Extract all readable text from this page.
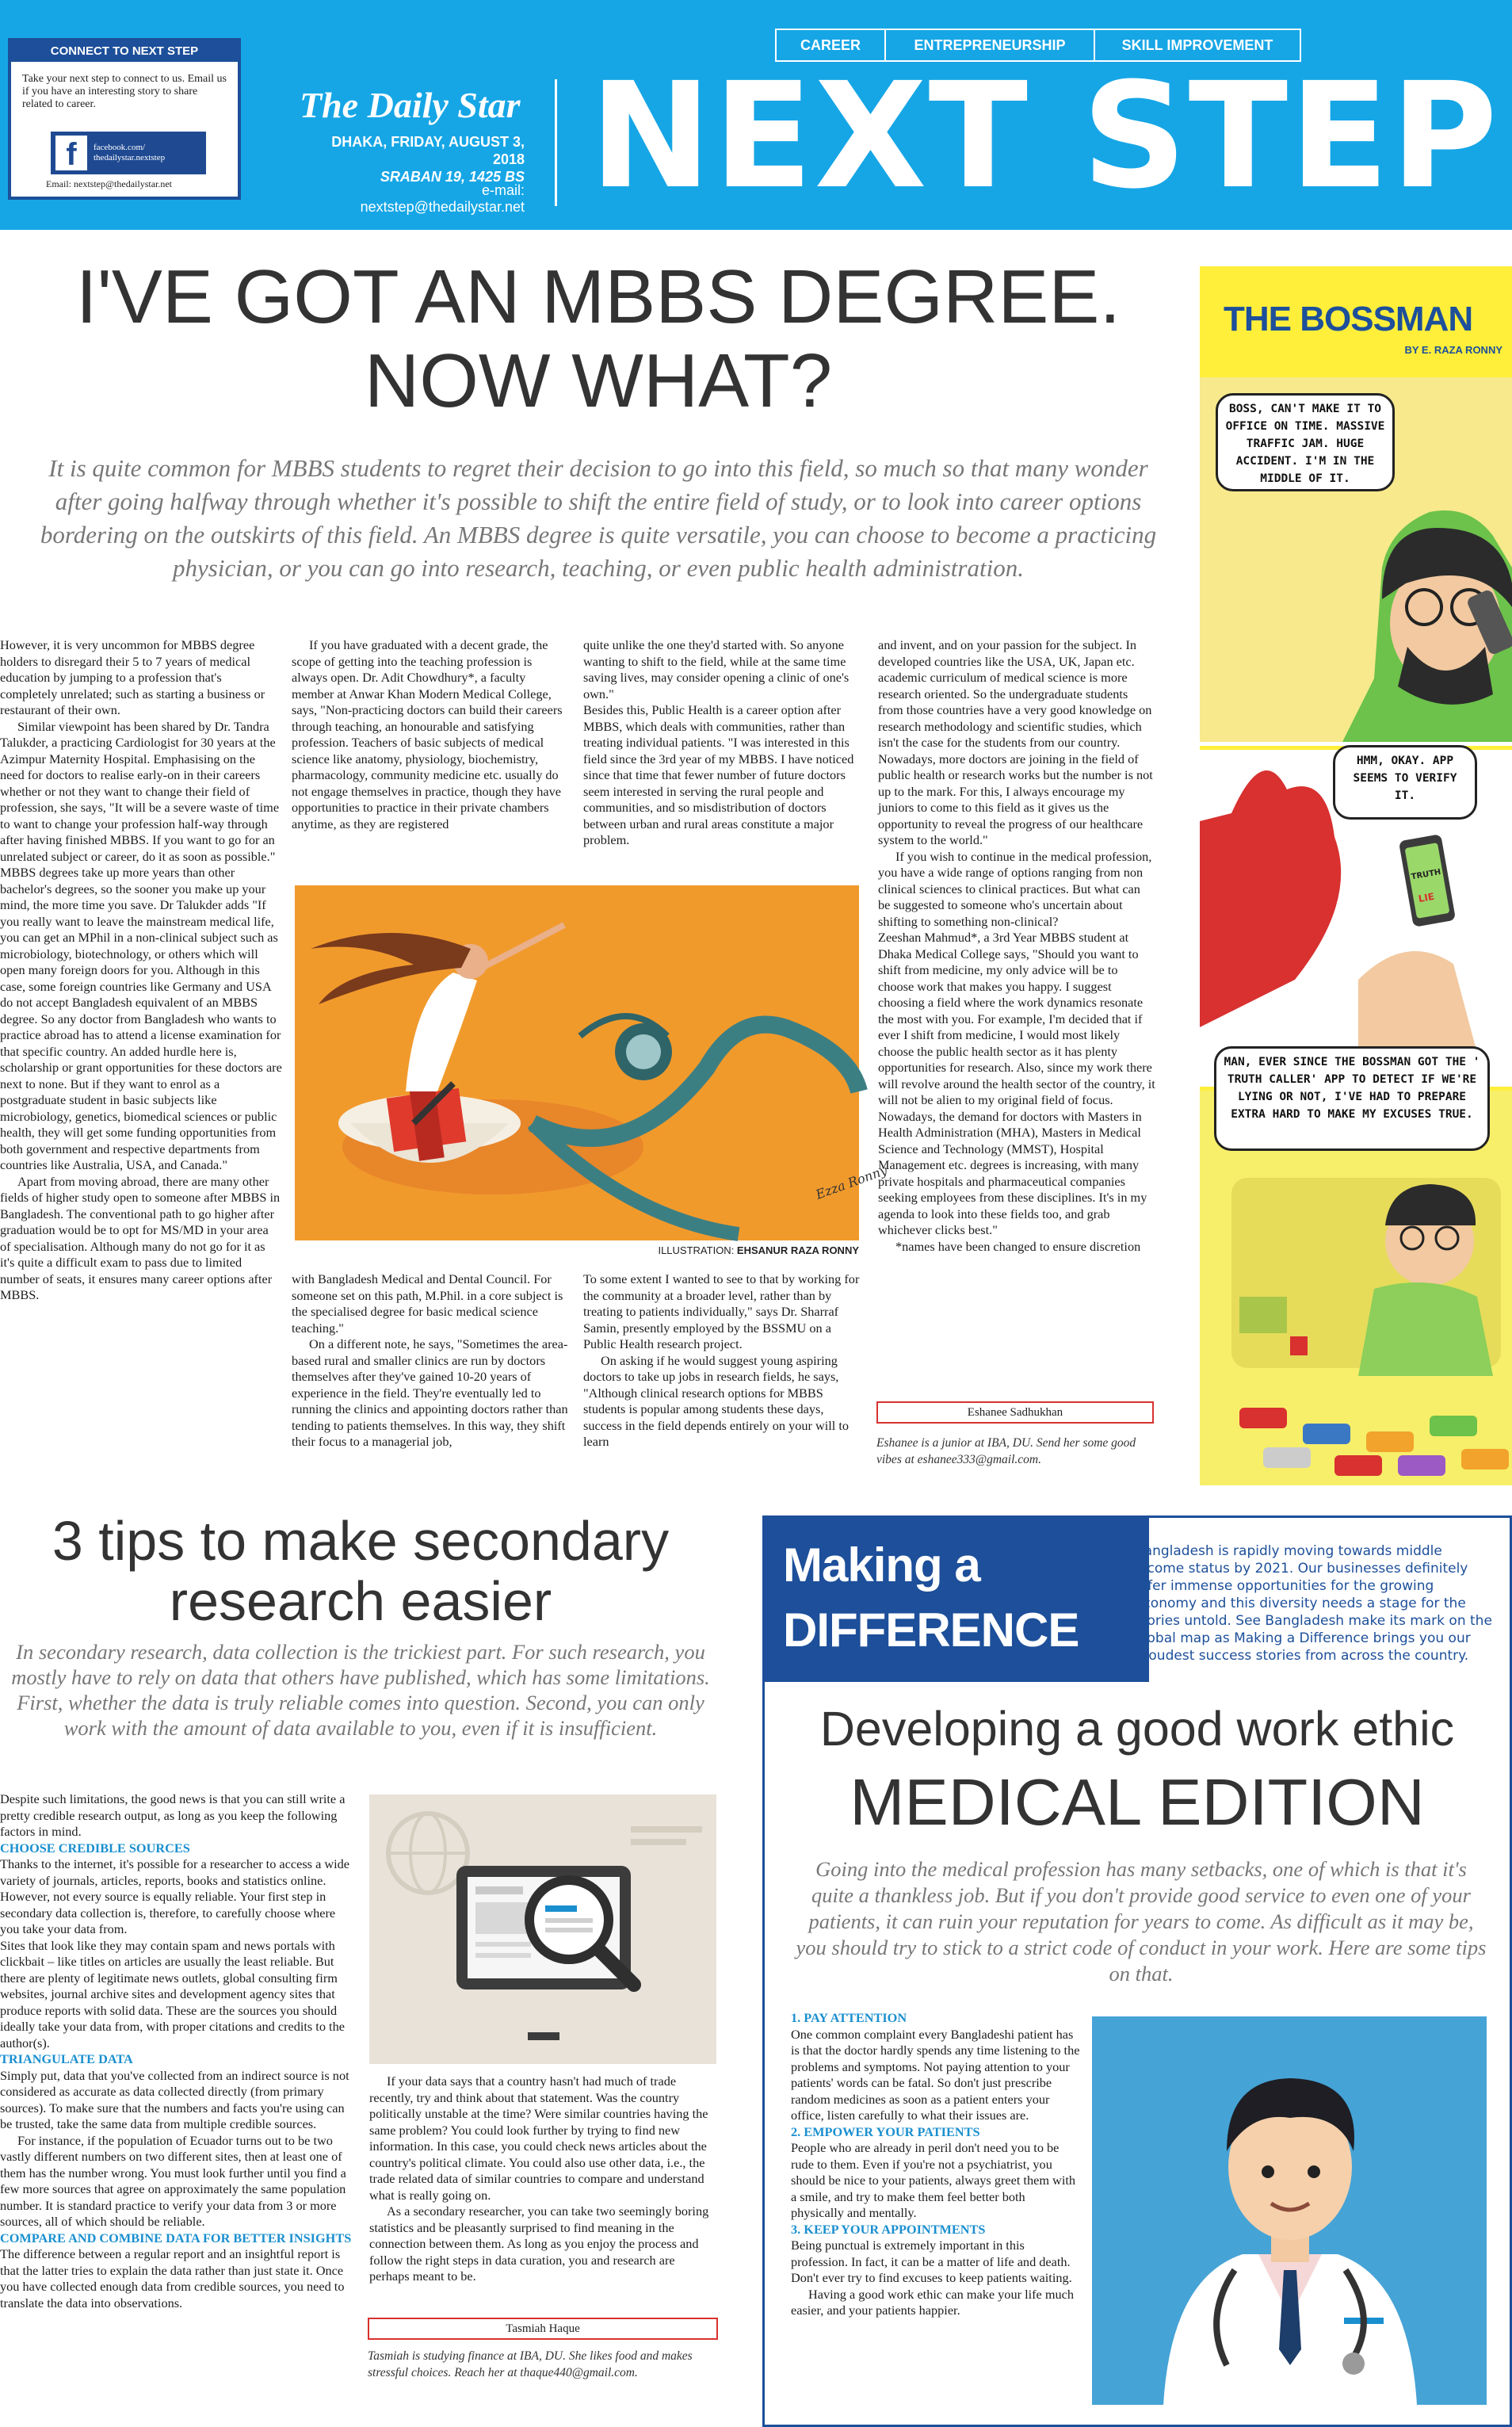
CONNECT TO NEXT STEP
Take your next step to connect to us. Email us if you have an interesting story to share related to career.
f	facebook.com/
thedailystar.nextstep
Email: nextstep@thedailystar.net
The Daily Star
DHAKA, FRIDAY, AUGUST 3, 2018
SRABAN 19, 1425 BS
e-mail: nextstep@thedailystar.net NEXT STEP
CAREER	ENTREPRENEURSHIP	SKILL IMPROVEMENT
I'VE GOT AN MBBS DEGREE.
NOW WHAT?
It is quite common for MBBS students to regret their decision to go into this field, so much so that many wonder after going halfway through whether it's possible to shift the entire field of study, or to look into career options bordering on the outskirts of this field. An MBBS degree is quite versatile, you can choose to become a practicing physician, or you can go into research, teaching, or even public health administration.

However, it is very uncommon for MBBS degree holders to disregard their 5 to 7 years of medical education by jumping to a profession that's completely unrelated; such as starting a business or restaurant of their own.

Similar viewpoint has been shared by Dr. Tandra Talukder, a practicing Cardiologist for 30 years at the Azimpur Maternity Hospital. Emphasising on the need for doctors to realise early-on in their careers whether or not they want to change their field of profession, she says, "It will be a severe waste of time to want to change your profession half-way through after having finished MBBS. If you want to go for an unrelated subject or career, do it as soon as possible." MBBS degrees take up more years than other bachelor's degrees, so the sooner you make up your mind, the more time you save. Dr Talukder adds "If you really want to leave the mainstream medical life, you can get an MPhil in a non-clinical subject such as microbiology, biotechnology, or others which will open many foreign doors for you. Although in this case, some foreign countries like Germany and USA do not accept Bangladesh equivalent of an MBBS degree. So any doctor from Bangladesh who wants to practice abroad has to attend a license examination for that specific country. An added hurdle here is, scholarship or grant opportunities for these doctors are next to none. But if they want to enrol as a postgraduate student in basic subjects like microbiology, genetics, biomedical sciences or public health, they will get some funding opportunities from both government and respective departments from countries like Australia, USA, and Canada."

Apart from moving abroad, there are many other fields of higher study open to someone after MBBS in Bangladesh. The conventional path to go higher after graduation would be to opt for MS/MD in your area of specialisation. Although many do not go for it as it's quite a difficult exam to pass due to limited number of seats, it ensures many career options after MBBS.

If you have graduated with a decent grade, the scope of getting into the teaching profession is always open. Dr. Adit Chowdhury*, a faculty member at Anwar Khan Modern Medical College, says, "Non-practicing doctors can build their careers through teaching, an honourable and satisfying profession. Teachers of basic subjects of medical science like anatomy, physiology, biochemistry, pharmacology, community medicine etc. usually do not engage themselves in practice, though they have opportunities to practice in their private chambers anytime, as they are registered

quite unlike the one they'd started with. So anyone wanting to shift to the field, while at the same time saving lives, may consider opening a clinic of one's own."

Besides this, Public Health is a career option after MBBS, which deals with communities, rather than treating individual patients. "I was interested in this field since the 3rd year of my MBBS. I have noticed since that time that fewer number of future doctors seem interested in serving the rural people and communities, and so misdistribution of doctors between urban and rural areas constitute a major problem.

Ezza Ronny
ILLUSTRATION: EHSANUR RAZA RONNY

with Bangladesh Medical and Dental Council. For someone set on this path, M.Phil. in a core subject is the specialised degree for basic medical science teaching."

On a different note, he says, "Sometimes the area-based rural and smaller clinics are run by doctors themselves after they've gained 10-20 years of experience in the field. They're eventually led to running the clinics and appointing doctors rather than tending to patients themselves. In this way, they shift their focus to a managerial job,

To some extent I wanted to see to that by working for the community at a broader level, rather than by treating to patients individually," says Dr. Sharraf Samin, presently employed by the BSSMU on a Public Health research project.

On asking if he would suggest young aspiring doctors to take up jobs in research fields, he says, "Although clinical research options for MBBS students is popular among students these days, success in the field depends entirely on your will to learn

and invent, and on your passion for the subject. In developed countries like the USA, UK, Japan etc. academic curriculum of medical science is more research oriented. So the undergraduate students from those countries have a very good knowledge on research methodology and scientific studies, which isn't the case for the students from our country. Nowadays, more doctors are joining in the field of public health or research works but the number is not up to the mark. For this, I always encourage my juniors to come to this field as it gives us the opportunity to reveal the progress of our healthcare system to the world."

If you wish to continue in the medical profession, you have a wide range of options ranging from non clinical sciences to clinical practices. But what can be suggested to someone who's uncertain about shifting to something non-clinical?

Zeeshan Mahmud*, a 3rd Year MBBS student at Dhaka Medical College says, "Should you want to shift from medicine, my only advice will be to choose work that makes you happy. I suggest choosing a field where the work dynamics resonate the most with you. For example, I'm decided that if ever I shift from medicine, I would most likely choose the public health sector as it has plenty opportunities for research. Also, since my work there will revolve around the health sector of the country, it will not be alien to my original field of focus. Nowadays, the demand for doctors with Masters in Health Administration (MHA), Masters in Medical Science and Technology (MMST), Hospital Management etc. degrees is increasing, with many private hospitals and pharmaceutical companies seeking employees from these disciplines. It's in my agenda to look into these fields too, and grab whichever clicks best."

*names have been changed to ensure discretion

Eshanee Sadhukhan
Eshanee is a junior at IBA, DU. Send her some good vibes at eshanee333@gmail.com.
THE BOSSMAN
BY E. RAZA RONNY
TRUTH
LIE
BOSS, CAN'T MAKE IT TO OFFICE ON TIME. MASSIVE TRAFFIC JAM. HUGE ACCIDENT. I'M IN THE MIDDLE OF IT.
HMM, OKAY. APP SEEMS TO VERIFY IT.
MAN, EVER SINCE THE BOSSMAN GOT THE ' TRUTH CALLER' APP TO DETECT IF WE'RE LYING OR NOT, I'VE HAD TO PREPARE EXTRA HARD TO MAKE MY EXCUSES TRUE.
3 tips to make secondary
research easier
In secondary research, data collection is the trickiest part. For such research, you mostly have to rely on data that others have published, which has some limitations. First, whether the data is truly reliable comes into question. Second, you can only work with the amount of data available to you, even if it is insufficient.

Despite such limitations, the good news is that you can still write a pretty credible research output, as long as you keep the following factors in mind.

CHOOSE CREDIBLE SOURCES

Thanks to the internet, it's possible for a researcher to access a wide variety of journals, articles, reports, books and statistics online. However, not every source is equally reliable. Your first step in secondary data collection is, therefore, to carefully choose where you take your data from.

Sites that look like they may contain spam and news portals with clickbait – like titles on articles are usually the least reliable. But there are plenty of legitimate news outlets, global consulting firm websites, journal archive sites and development agency sites that produce reports with solid data. These are the sources you should ideally take your data from, with proper citations and credits to the author(s).

TRIANGULATE DATA

Simply put, data that you've collected from an indirect source is not considered as accurate as data collected directly (from primary sources). To make sure that the numbers and facts you're using can be trusted, take the same data from multiple credible sources.

For instance, if the population of Ecuador turns out to be two vastly different numbers on two different sites, then at least one of them has the number wrong. You must look further until you find a few more sources that agree on approximately the same population number. It is standard practice to verify your data from 3 or more sources, all of which should be reliable.

COMPARE AND COMBINE DATA FOR BETTER INSIGHTS

The difference between a regular report and an insightful report is that the latter tries to explain the data rather than just state it. Once you have collected enough data from credible sources, you need to translate the data into observations.

If your data says that a country hasn't had much of trade recently, try and think about that statement. Was the country politically unstable at the time? Were similar countries having the same problem? You could look further by trying to find new information. In this case, you could check news articles about the country's political climate. You could also use other data, i.e., the trade related data of similar countries to compare and understand what is really going on.

As a secondary researcher, you can take two seemingly boring statistics and be pleasantly surprised to find meaning in the connection between them. As long as you enjoy the process and follow the right steps in data curation, you and research are perhaps meant to be.

Tasmiah Haque
Tasmiah is studying finance at IBA, DU. She likes food and makes stressful choices. Reach her at thaque440@gmail.com.
Making a
DIFFERENCE
Bangladesh is rapidly moving towards middle income status by 2021. Our businesses definitely offer immense opportunities for the growing economy and this diversity needs a stage for the stories untold. See Bangladesh make its mark on the global map as Making a Difference brings you our proudest success stories from across the country.
Developing a good work ethic
MEDICAL EDITION
Going into the medical profession has many setbacks, one of which is that it's quite a thankless job. But if you don't provide good service to even one of your patients, it can ruin your reputation for years to come. As difficult as it may be, you should try to stick to a strict code of conduct in your work. Here are some tips on that.

1. PAY ATTENTION

One common complaint every Bangladeshi patient has is that the doctor hardly spends any time listening to the problems and symptoms. Not paying attention to your patients' words can be fatal. So don't just prescribe random medicines as soon as a patient enters your office, listen carefully to what their issues are.

2. EMPOWER YOUR PATIENTS

People who are already in peril don't need you to be rude to them. Even if you're not a psychiatrist, you should be nice to your patients, always greet them with a smile, and try to make them feel better both physically and mentally.

3. KEEP YOUR APPOINTMENTS

Being punctual is extremely important in this profession. In fact, it can be a matter of life and death. Don't ever try to find excuses to keep patients waiting.

Having a good work ethic can make your life much easier, and your patients happier.
